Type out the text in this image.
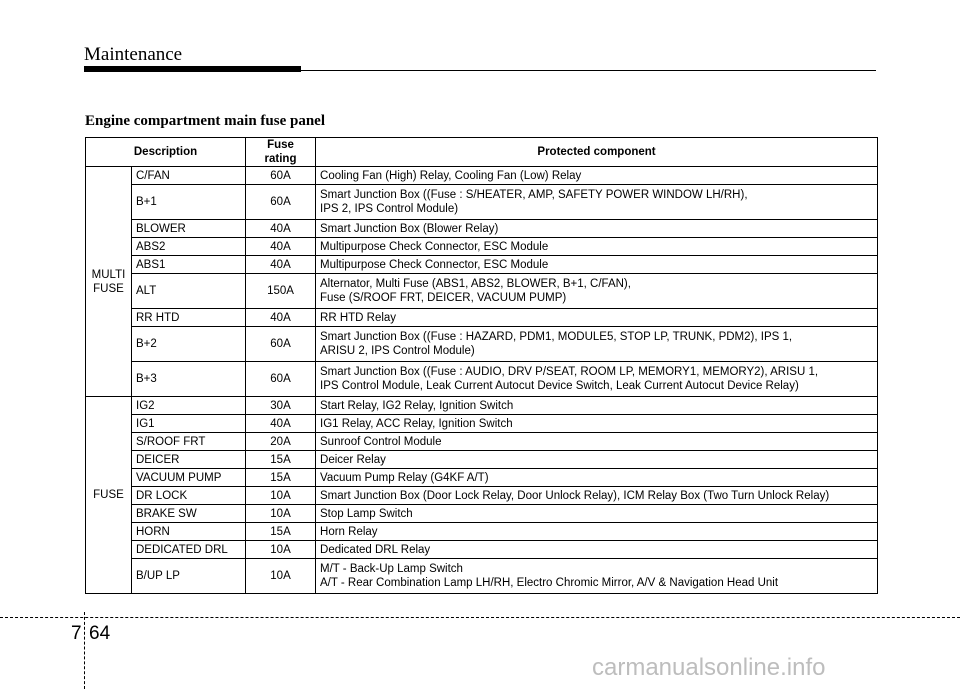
Maintenance
Engine compartment main fuse panel
Description		Fuse rating	Protected component

MULTI
FUSE	C/FAN	60A	Cooling Fan (High) Relay, Cooling Fan (Low) Relay

	B+1	60A	Smart Junction Box ((Fuse : S/HEATER, AMP, SAFETY POWER WINDOW LH/RH),
IPS 2, IPS Control Module)

	BLOWER	40A	Smart Junction Box (Blower Relay)

	ABS2	40A	Multipurpose Check Connector, ESC Module

	ABS1	40A	Multipurpose Check Connector, ESC Module

	ALT	150A	Alternator, Multi Fuse (ABS1, ABS2, BLOWER, B+1, C/FAN),
Fuse (S/ROOF FRT, DEICER, VACUUM PUMP)

	RR HTD	40A	RR HTD Relay

	B+2	60A	Smart Junction Box ((Fuse : HAZARD, PDM1, MODULE5, STOP LP, TRUNK, PDM2), IPS 1,
ARISU 2, IPS Control Module)

	B+3	60A	Smart Junction Box ((Fuse : AUDIO, DRV P/SEAT, ROOM LP, MEMORY1, MEMORY2), ARISU 1,
IPS Control Module, Leak Current Autocut Device Switch, Leak Current Autocut Device Relay)

FUSE	IG2	30A	Start Relay, IG2 Relay, Ignition Switch

	IG1	40A	IG1 Relay, ACC Relay, Ignition Switch

	S/ROOF FRT	20A	Sunroof Control Module

	DEICER	15A	Deicer Relay

	VACUUM PUMP	15A	Vacuum Pump Relay (G4KF A/T)

	DR LOCK	10A	Smart Junction Box (Door Lock Relay, Door Unlock Relay), ICM Relay Box (Two Turn Unlock Relay)

	BRAKE SW	10A	Stop Lamp Switch

	HORN	15A	Horn Relay

	DEDICATED DRL	10A	Dedicated DRL Relay

	B/UP LP	10A	M/T - Back-Up Lamp Switch
A/T - Rear Combination Lamp LH/RH, Electro Chromic Mirror, A/V & Navigation Head Unit
7 64
carmanualsonline.info
